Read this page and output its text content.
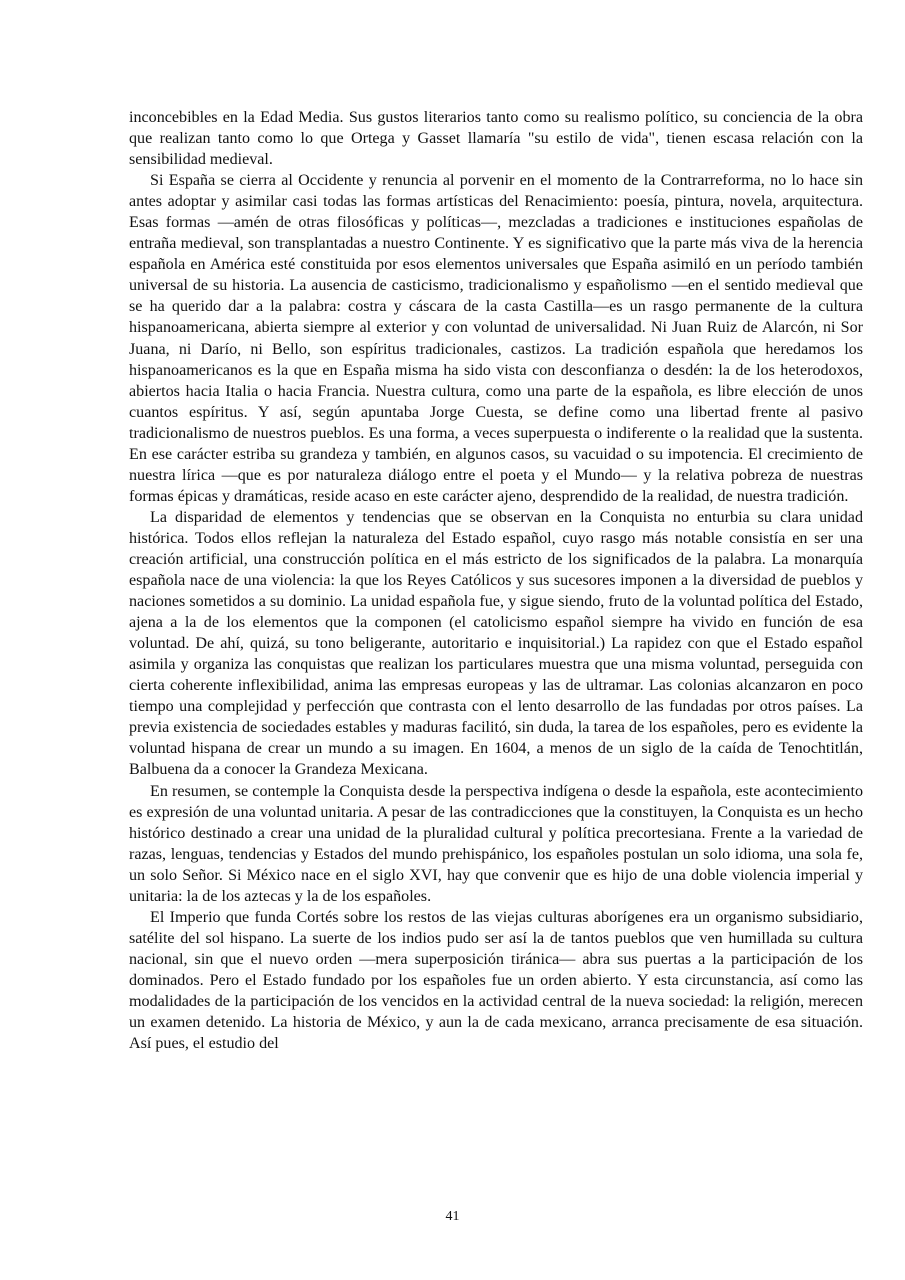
inconcebibles en la Edad Media. Sus gustos literarios tanto como su realismo político, su conciencia de la obra que realizan tanto como lo que Ortega y Gasset llamaría "su estilo de vida", tienen escasa relación con la sensibilidad medieval.

Si España se cierra al Occidente y renuncia al porvenir en el momento de la Contrarreforma, no lo hace sin antes adoptar y asimilar casi todas las formas artísticas del Renacimiento: poesía, pintura, novela, arquitectura. Esas formas —amén de otras filosóficas y políticas—, mezcladas a tradiciones e instituciones españolas de entraña medieval, son transplantadas a nuestro Continente. Y es significativo que la parte más viva de la herencia española en América esté constituida por esos elementos universales que España asimiló en un período también universal de su historia. La ausencia de casticismo, tradicionalismo y españolismo —en el sentido medieval que se ha querido dar a la palabra: costra y cáscara de la casta Castilla—es un rasgo permanente de la cultura hispanoamericana, abierta siempre al exterior y con voluntad de universalidad. Ni Juan Ruiz de Alarcón, ni Sor Juana, ni Darío, ni Bello, son espíritus tradicionales, castizos. La tradición española que heredamos los hispanoamericanos es la que en España misma ha sido vista con desconfianza o desdén: la de los heterodoxos, abiertos hacia Italia o hacia Francia. Nuestra cultura, como una parte de la española, es libre elección de unos cuantos espíritus. Y así, según apuntaba Jorge Cuesta, se define como una libertad frente al pasivo tradicionalismo de nuestros pueblos. Es una forma, a veces superpuesta o indiferente o la realidad que la sustenta. En ese carácter estriba su grandeza y también, en algunos casos, su vacuidad o su impotencia. El crecimiento de nuestra lírica —que es por naturaleza diálogo entre el poeta y el Mundo— y la relativa pobreza de nuestras formas épicas y dramáticas, reside acaso en este carácter ajeno, desprendido de la realidad, de nuestra tradición.

La disparidad de elementos y tendencias que se observan en la Conquista no enturbia su clara unidad histórica. Todos ellos reflejan la naturaleza del Estado español, cuyo rasgo más notable consistía en ser una creación artificial, una construcción política en el más estricto de los significados de la palabra. La monarquía española nace de una violencia: la que los Reyes Católicos y sus sucesores imponen a la diversidad de pueblos y naciones sometidos a su dominio. La unidad española fue, y sigue siendo, fruto de la voluntad política del Estado, ajena a la de los elementos que la componen (el catolicismo español siempre ha vivido en función de esa voluntad. De ahí, quizá, su tono beligerante, autoritario e inquisitorial.) La rapidez con que el Estado español asimila y organiza las conquistas que realizan los particulares muestra que una misma voluntad, perseguida con cierta coherente inflexibilidad, anima las empresas europeas y las de ultramar. Las colonias alcanzaron en poco tiempo una complejidad y perfección que contrasta con el lento desarrollo de las fundadas por otros países. La previa existencia de sociedades estables y maduras facilitó, sin duda, la tarea de los españoles, pero es evidente la voluntad hispana de crear un mundo a su imagen. En 1604, a menos de un siglo de la caída de Tenochtitlán, Balbuena da a conocer la Grandeza Mexicana.

En resumen, se contemple la Conquista desde la perspectiva indígena o desde la española, este acontecimiento es expresión de una voluntad unitaria. A pesar de las contradicciones que la constituyen, la Conquista es un hecho histórico destinado a crear una unidad de la pluralidad cultural y política precortesiana. Frente a la variedad de razas, lenguas, tendencias y Estados del mundo prehispánico, los españoles postulan un solo idioma, una sola fe, un solo Señor. Si México nace en el siglo XVI, hay que convenir que es hijo de una doble violencia imperial y unitaria: la de los aztecas y la de los españoles.

El Imperio que funda Cortés sobre los restos de las viejas culturas aborígenes era un organismo subsidiario, satélite del sol hispano. La suerte de los indios pudo ser así la de tantos pueblos que ven humillada su cultura nacional, sin que el nuevo orden —mera superposición tiránica— abra sus puertas a la participación de los dominados. Pero el Estado fundado por los españoles fue un orden abierto. Y esta circunstancia, así como las modalidades de la participación de los vencidos en la actividad central de la nueva sociedad: la religión, merecen un examen detenido. La historia de México, y aun la de cada mexicano, arranca precisamente de esa situación. Así pues, el estudio del

41
